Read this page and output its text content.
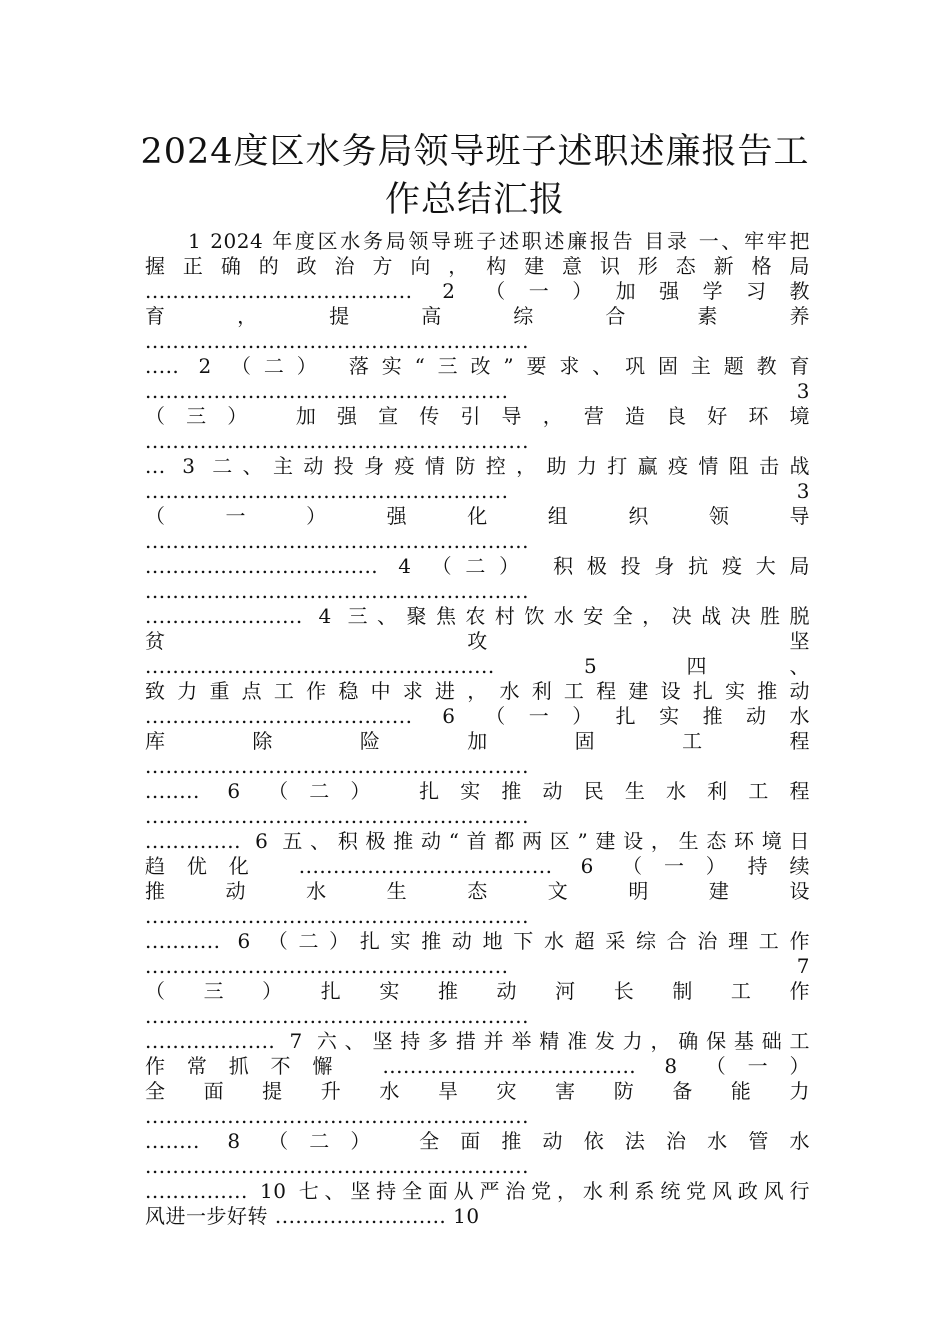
2024度区水务局领导班子述职述廉报告工
作总结汇报
1 2024 年度区水务局领导班子述职述廉报告 目录 一、牢牢把
握 正 确 的 政 治 方 向 ， 构 建 意 识 形 态 新 格 局
....................................... 2 （一）加强学习教
育 ， 提 高 综 合 素 养
........................................................
..... 2 （二） 落实“三改”要求、巩固主题教育
..................................................... 3
（三） 加强宣传引导，营造良好环境
........................................................
... 3 二、主动投身疫情防控，助力打赢疫情阻击战
..................................................... 3
（ 一 ） 强 化 组 织 领 导
........................................................
.................................. 4 （二） 积极投身抗疫大局
........................................................
....................... 4 三、聚焦农村饮水安全，决战决胜脱
贫 攻 坚
................................................... 5 四、
致 力 重 点 工 作 稳 中 求 进 ， 水 利 工 程 建 设 扎 实 推 动
....................................... 6 （一）扎实推动水
库 除 险 加 固 工 程
........................................................
........ 6 （二） 扎实推动民生水利工程
........................................................
.............. 6 五、积极推动“首都两区”建设，生态环境日
趋优化 ..................................... 6 （一）持续
推 动 水 生 态 文 明 建 设
........................................................
........... 6 （二）扎实推动地下水超采综合治理工作
..................................................... 7
（ 三 ） 扎 实 推 动 河 长 制 工 作
........................................................
................... 7 六、坚持多措并举精准发力，确保基础工
作常抓不懈 ..................................... 8 （一）
全 面 提 升 水 旱 灾 害 防 备 能 力
........................................................
........ 8 （二） 全面推动依法治水管水
........................................................
............... 10 七、坚持全面从严治党，水利系统党风政风行
风进一步好转 ......................... 10
